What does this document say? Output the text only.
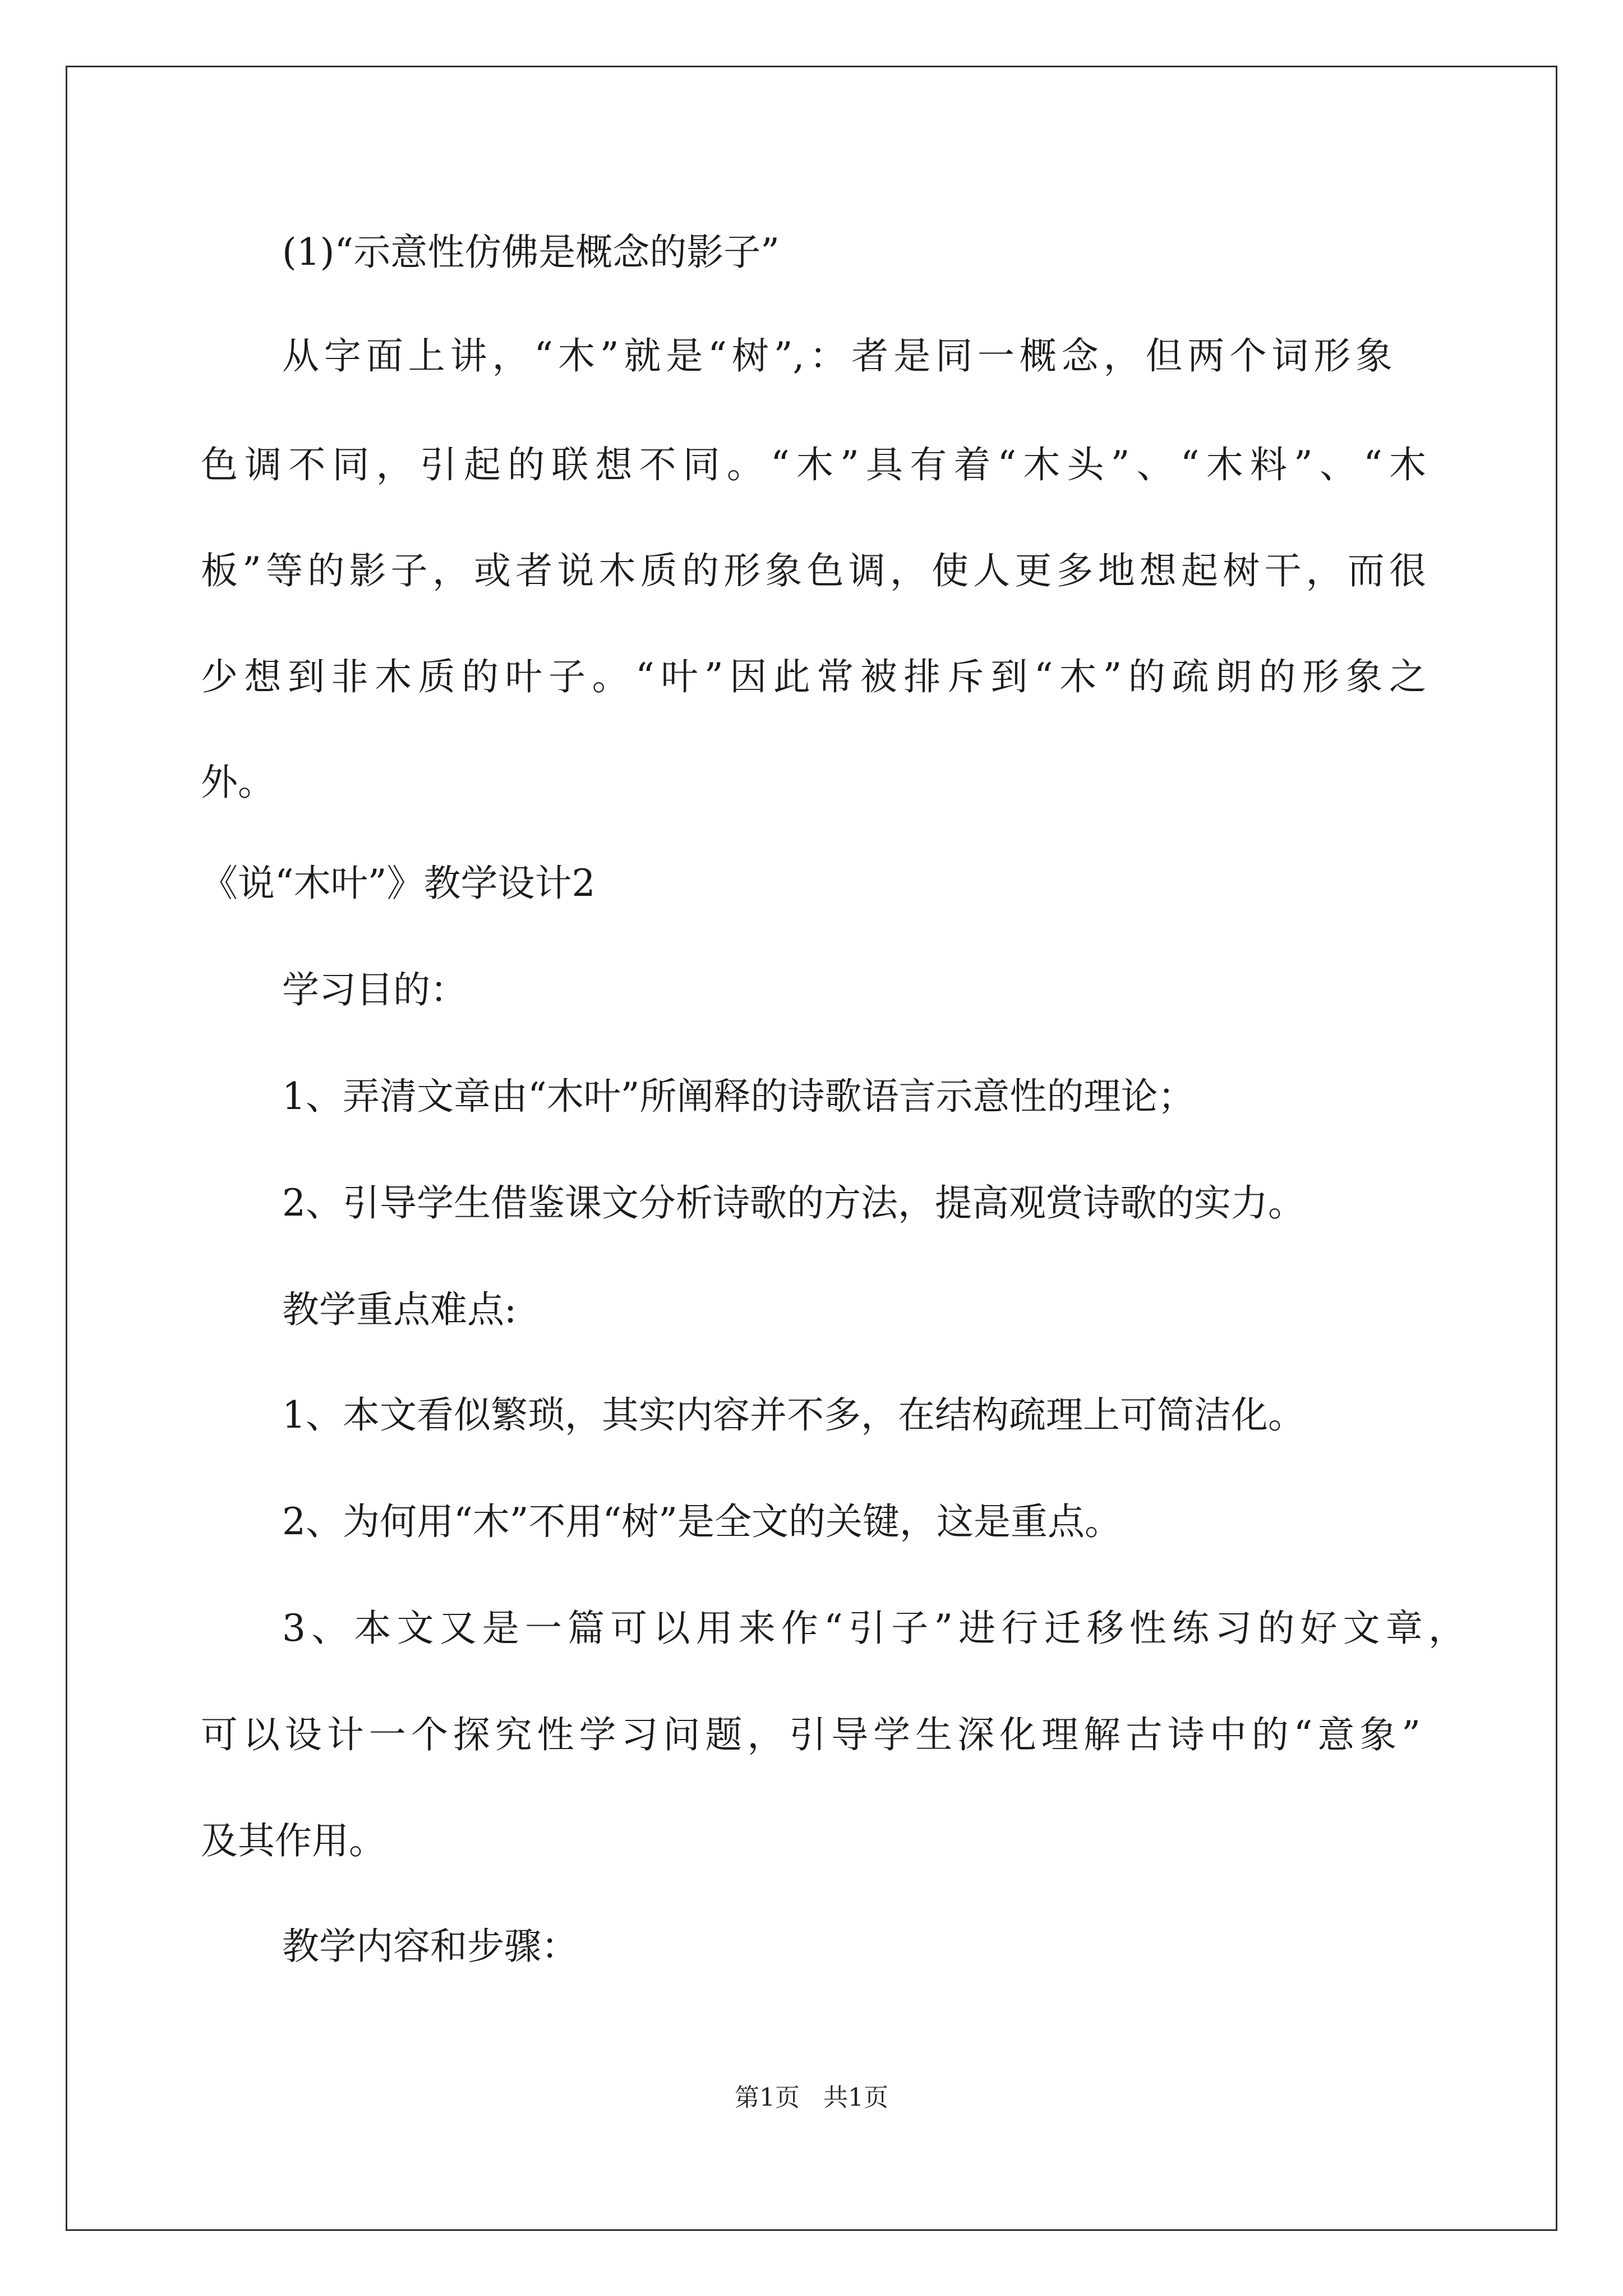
(1)“示意性仿佛是概念的影子”
从字面上讲，“木”就是“树”,：者是同一概念，但两个词形象
色调不同，引起的联想不同。“木”具有着“木头”、“木料”、“木
板”等的影子，或者说木质的形象色调，使人更多地想起树干，而很
少想到非木质的叶子。“叶”因此常被排斥到“木”的疏朗的形象之
外。
《说“木叶”》教学设计2
学习目的：
1、弄清文章由“木叶”所阐释的诗歌语言示意性的理论；
2、引导学生借鉴课文分析诗歌的方法，提高观赏诗歌的实力。
教学重点难点:
1、本文看似繁琐，其实内容并不多，在结构疏理上可简洁化。
2、为何用“木”不用“树”是全文的关键，这是重点。
3、本文又是一篇可以用来作“引子”进行迁移性练习的好文章，
可以设计一个探究性学习问题，引导学生深化理解古诗中的“意象”
及其作用。
教学内容和步骤：
第1页 共1页
